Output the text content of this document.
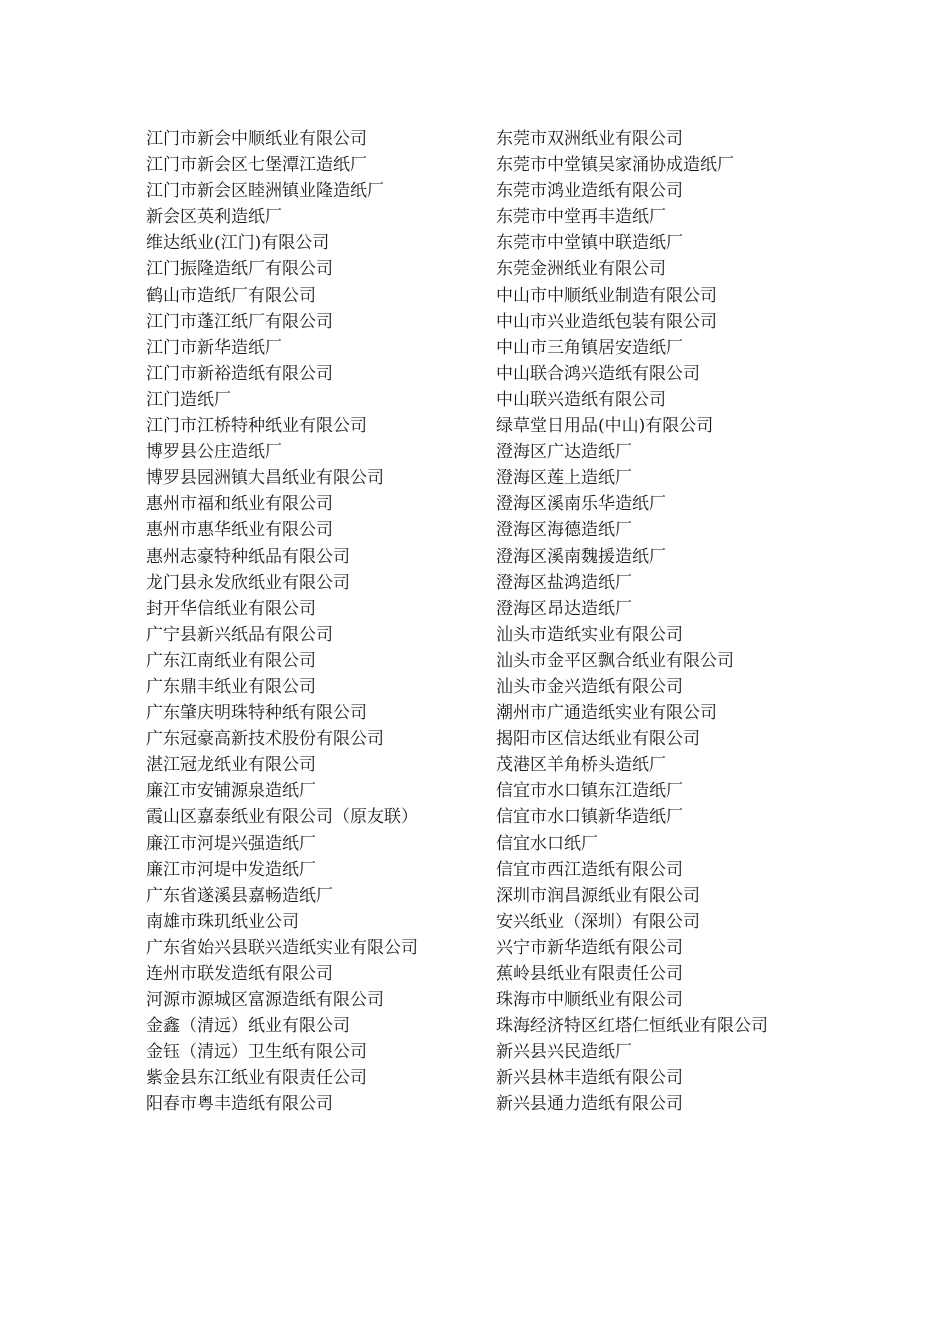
江门市新会中顺纸业有限公司
江门市新会区七堡潭江造纸厂
江门市新会区睦洲镇业隆造纸厂
新会区英利造纸厂
维达纸业(江门)有限公司
江门振隆造纸厂有限公司
鹤山市造纸厂有限公司
江门市蓬江纸厂有限公司
江门市新华造纸厂
江门市新裕造纸有限公司
江门造纸厂
江门市江桥特种纸业有限公司
博罗县公庄造纸厂
博罗县园洲镇大昌纸业有限公司
惠州市福和纸业有限公司
惠州市惠华纸业有限公司
惠州志豪特种纸品有限公司
龙门县永发欣纸业有限公司
封开华信纸业有限公司
广宁县新兴纸品有限公司
广东江南纸业有限公司
广东鼎丰纸业有限公司
广东肇庆明珠特种纸有限公司
广东冠豪高新技术股份有限公司
湛江冠龙纸业有限公司
廉江市安铺源泉造纸厂
霞山区嘉泰纸业有限公司（原友联）
廉江市河堤兴强造纸厂
廉江市河堤中发造纸厂
广东省遂溪县嘉畅造纸厂
南雄市珠玑纸业公司
广东省始兴县联兴造纸实业有限公司
连州市联发造纸有限公司
河源市源城区富源造纸有限公司
金鑫（清远）纸业有限公司
金钰（清远）卫生纸有限公司
紫金县东江纸业有限责任公司
阳春市粤丰造纸有限公司
东莞市双洲纸业有限公司
东莞市中堂镇吴家涌协成造纸厂
东莞市鸿业造纸有限公司
东莞市中堂再丰造纸厂
东莞市中堂镇中联造纸厂
东莞金洲纸业有限公司
中山市中顺纸业制造有限公司
中山市兴业造纸包装有限公司
中山市三角镇居安造纸厂
中山联合鸿兴造纸有限公司
中山联兴造纸有限公司
绿草堂日用品(中山)有限公司
澄海区广达造纸厂
澄海区莲上造纸厂
澄海区溪南乐华造纸厂
澄海区海德造纸厂
澄海区溪南魏援造纸厂
澄海区盐鸿造纸厂
澄海区昂达造纸厂
汕头市造纸实业有限公司
汕头市金平区飘合纸业有限公司
汕头市金兴造纸有限公司
潮州市广通造纸实业有限公司
揭阳市区信达纸业有限公司
茂港区羊角桥头造纸厂
信宜市水口镇东江造纸厂
信宜市水口镇新华造纸厂
信宜水口纸厂
信宜市西江造纸有限公司
深圳市润昌源纸业有限公司
安兴纸业（深圳）有限公司
兴宁市新华造纸有限公司
蕉岭县纸业有限责任公司
珠海市中顺纸业有限公司
珠海经济特区红塔仁恒纸业有限公司
新兴县兴民造纸厂
新兴县林丰造纸有限公司
新兴县通力造纸有限公司
